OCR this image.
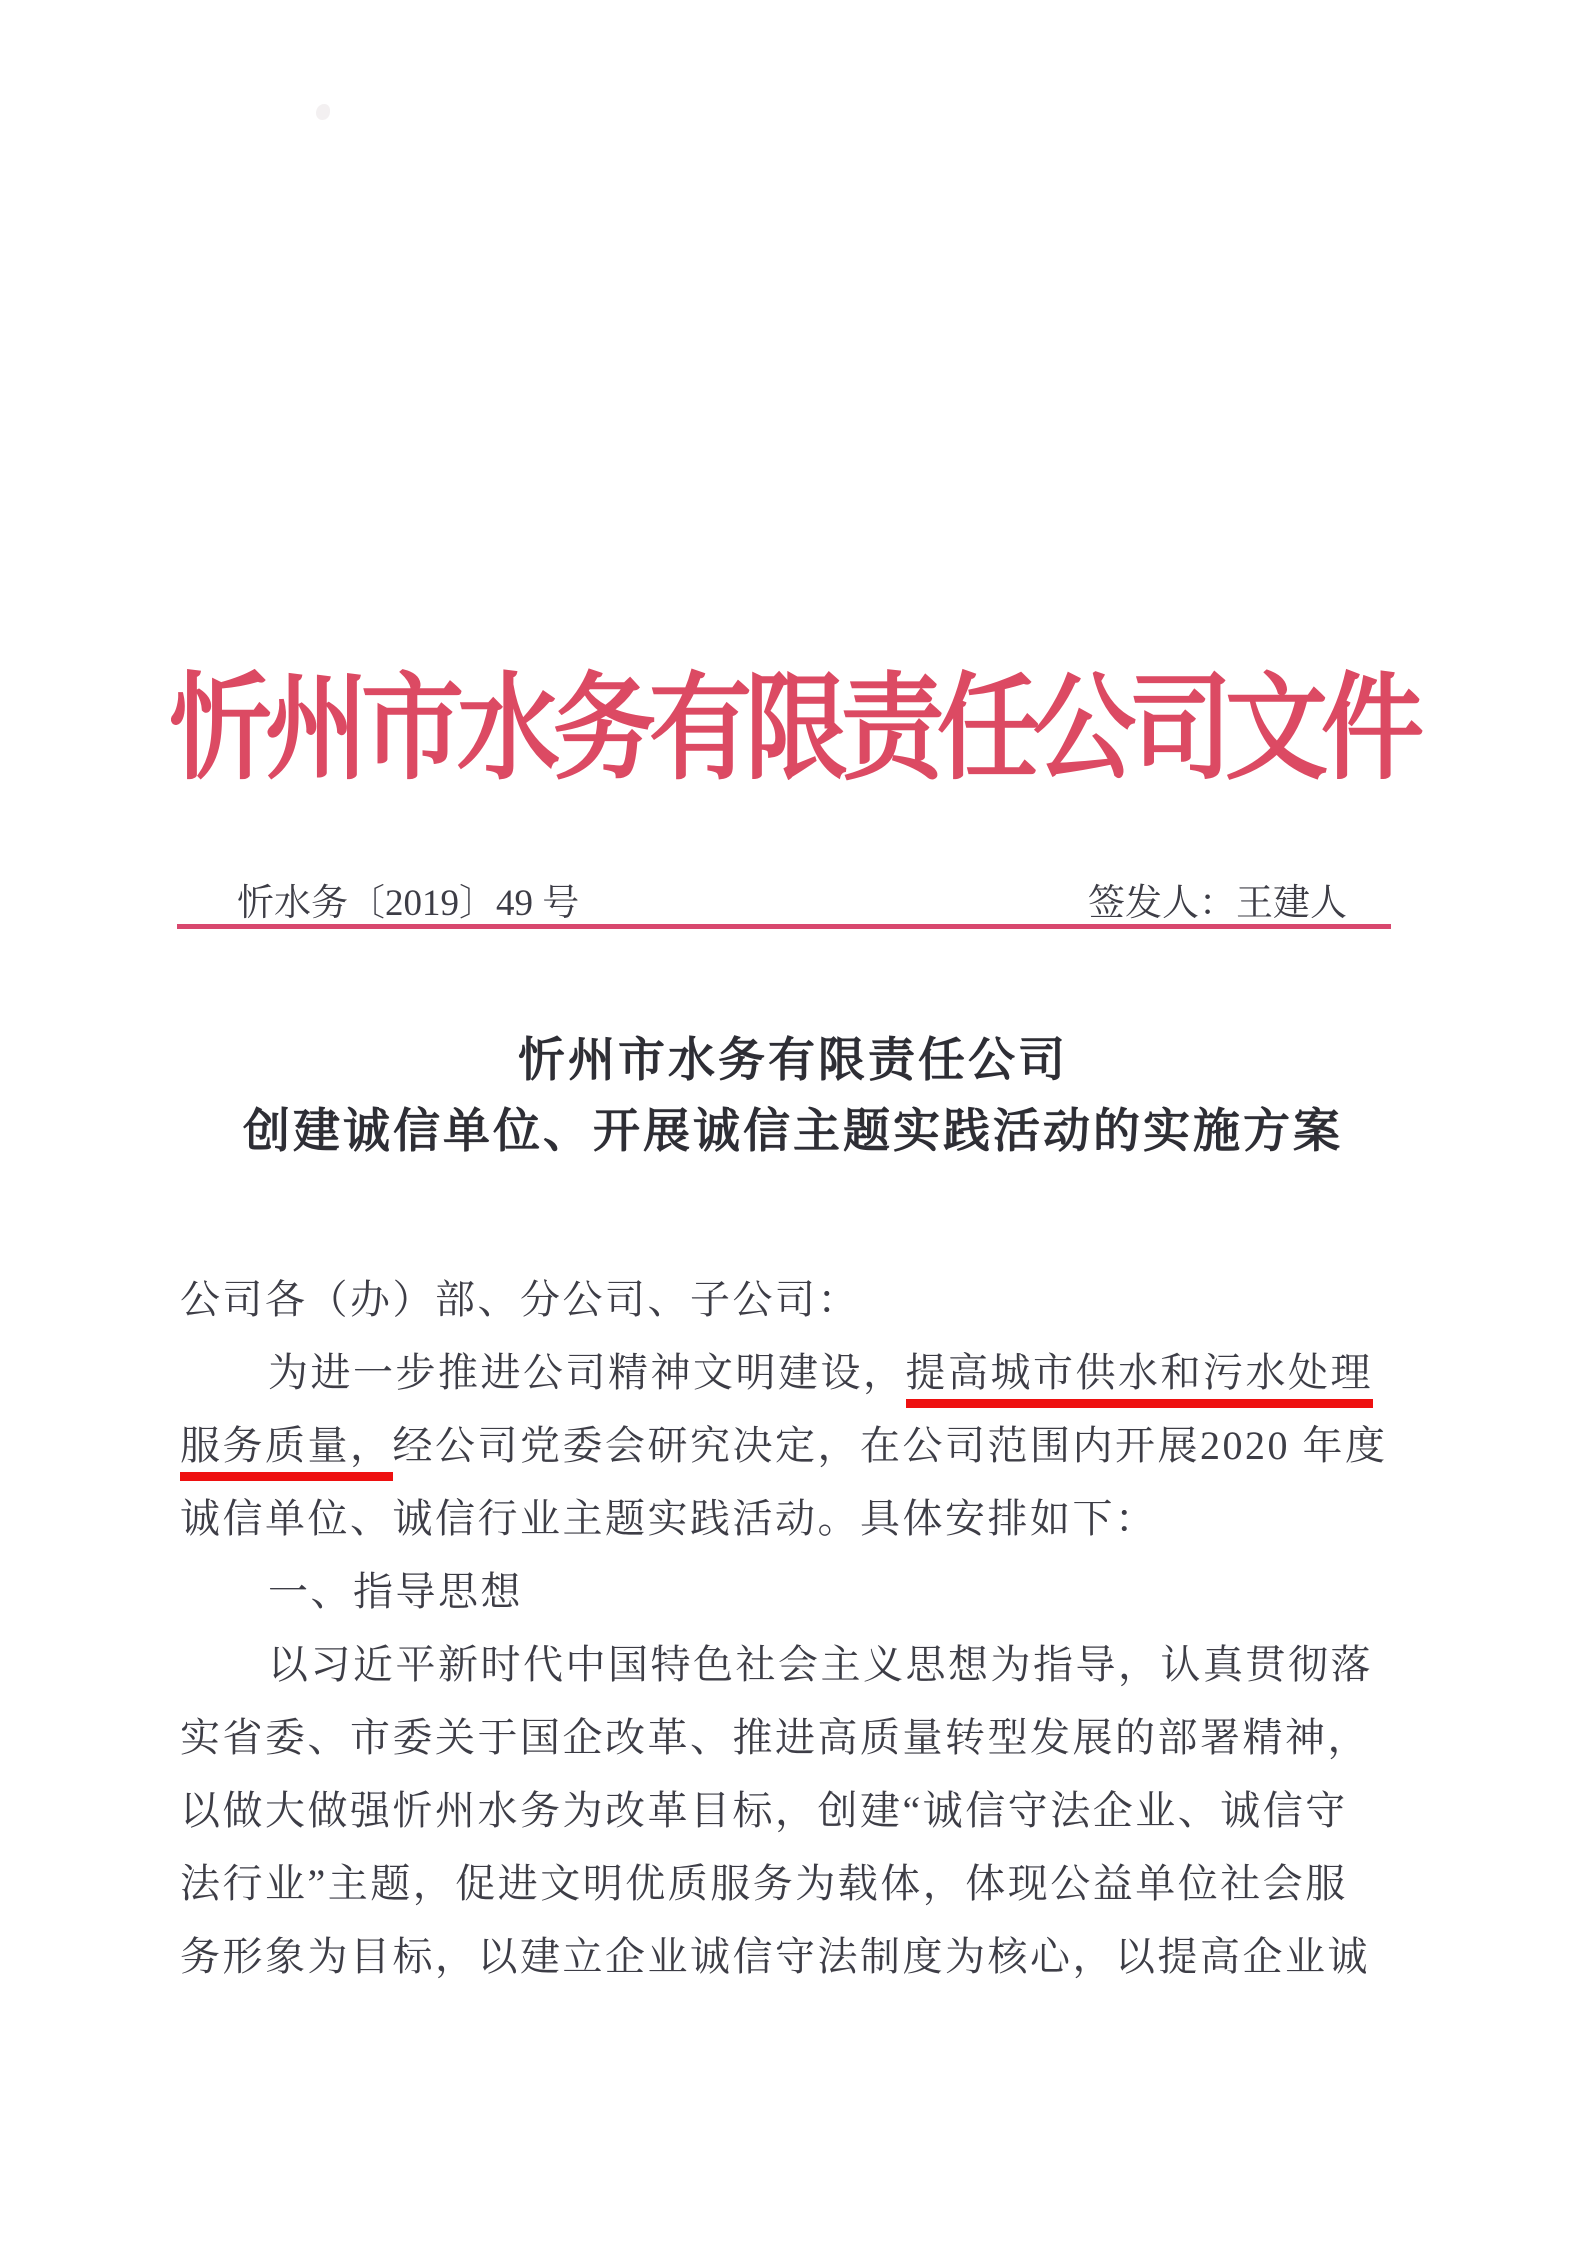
忻州市水务有限责任公司文件
忻水务〔2019〕49 号	签发人：王建人
忻州市水务有限责任公司
创建诚信单位、开展诚信主题实践活动的实施方案
公司各（办）部、分公司、子公司：
为进一步推进公司精神文明建设，提高城市供水和污水处理
服务质量，经公司党委会研究决定，在公司范围内开展2020 年度
诚信单位、诚信行业主题实践活动。具体安排如下：
一、指导思想
以习近平新时代中国特色社会主义思想为指导，认真贯彻落
实省委、市委关于国企改革、推进高质量转型发展的部署精神，
以做大做强忻州水务为改革目标，创建“诚信守法企业、诚信守
法行业”主题，促进文明优质服务为载体，体现公益单位社会服
务形象为目标，以建立企业诚信守法制度为核心，以提高企业诚
